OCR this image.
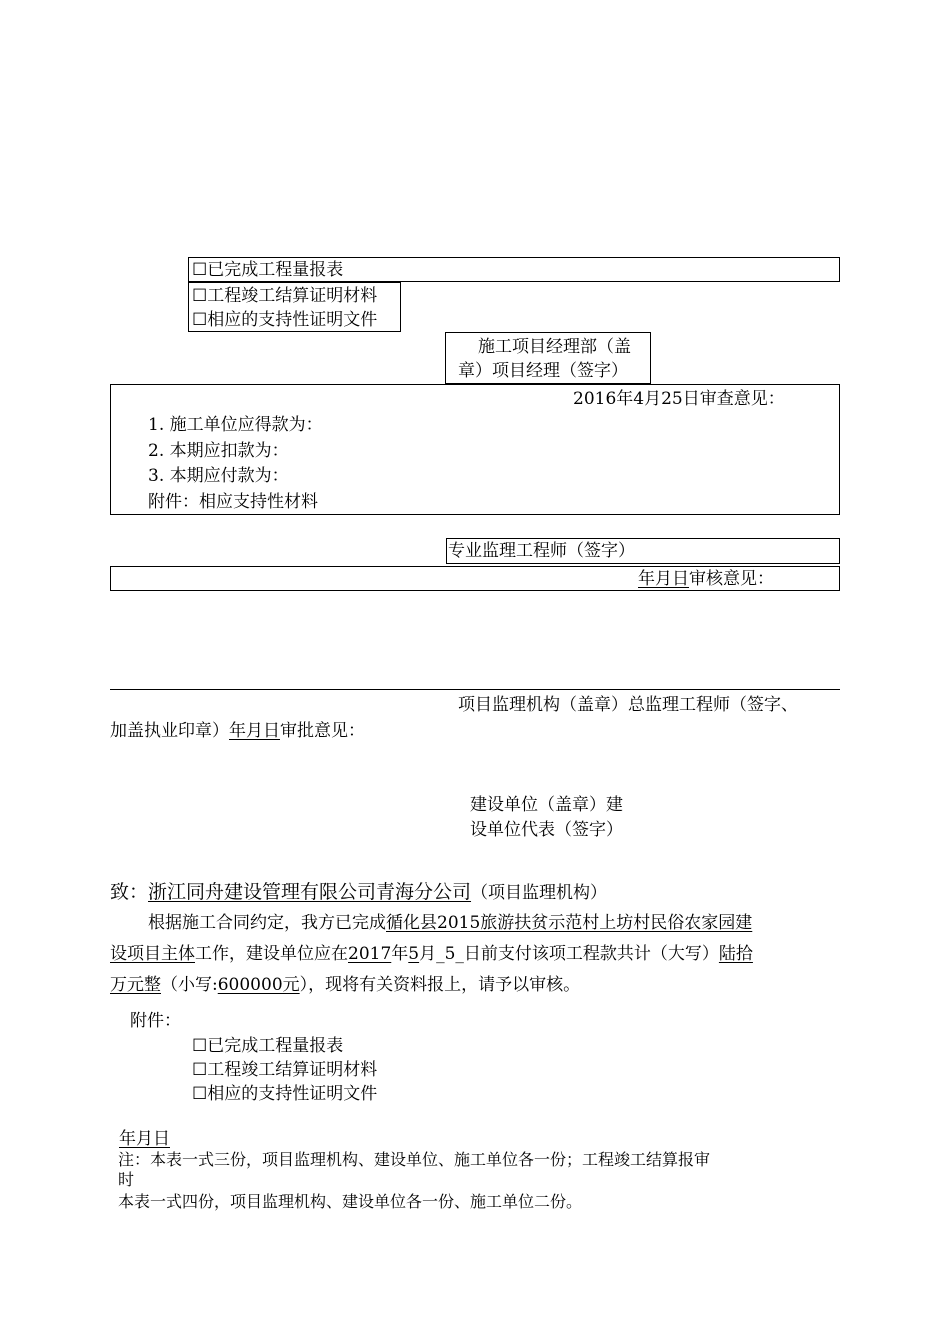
☐已完成工程量报表
☐工程竣工结算证明材料
☐相应的支持性证明文件
施工项目经理部（盖
章）项目经理（签字）
2016年4月25日审查意见：
1. 施工单位应得款为：
2. 本期应扣款为：
3. 本期应付款为：
附件：相应支持性材料
专业监理工程师（签字）
年月日审核意见：
项目监理机构（盖章）总监理工程师（签字、
加盖执业印章）年月日审批意见：
建设单位（盖章）建
设单位代表（签字）
致：浙江同舟建设管理有限公司青海分公司（项目监理机构）
根据施工合同约定，我方已完成循化县2015旅游扶贫示范村上坊村民俗农家园建
设项目主体工作，建设单位应在2017年5月_5_日前支付该项工程款共计（大写）陆拾
万元整（小写:600000元），现将有关资料报上，请予以审核。
附件：
☐已完成工程量报表
☐工程竣工结算证明材料
☐相应的支持性证明文件
年月日
注：本表一式三份，项目监理机构、建设单位、施工单位各一份；工程竣工结算报审
时
本表一式四份，项目监理机构、建设单位各一份、施工单位二份。
